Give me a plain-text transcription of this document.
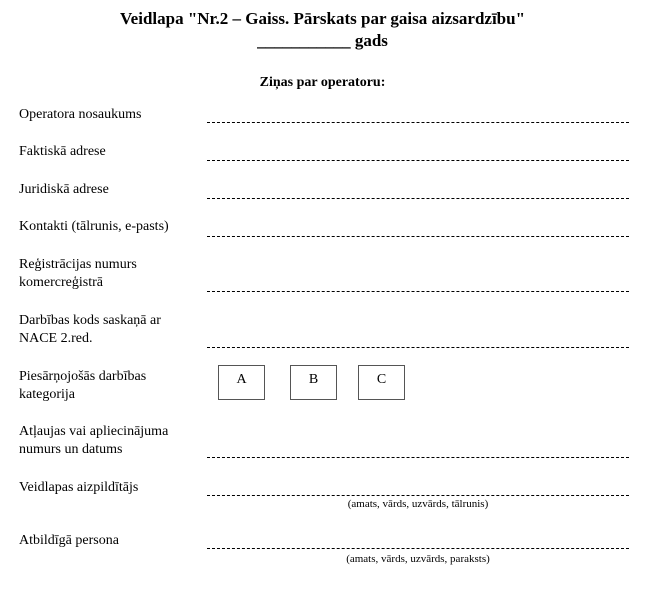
Veidlapa "Nr.2 – Gaiss. Pārskats par gaisa aizsardzību"
___________ gads
Ziņas par operatoru:
Operatora nosaukums
Faktiskā adrese
Juridiskā adrese
Kontakti (tālrunis, e-pasts)
Reģistrācijas numurs komercreģistrā
Darbības kods saskaņā ar NACE 2.red.
Piesārņojošās darbības kategorija
A	B	C
Atļaujas vai apliecinājuma numurs un datums
Veidlapas aizpildītājs
(amats, vārds, uzvārds, tālrunis)
Atbildīgā persona
(amats, vārds, uzvārds, paraksts)
